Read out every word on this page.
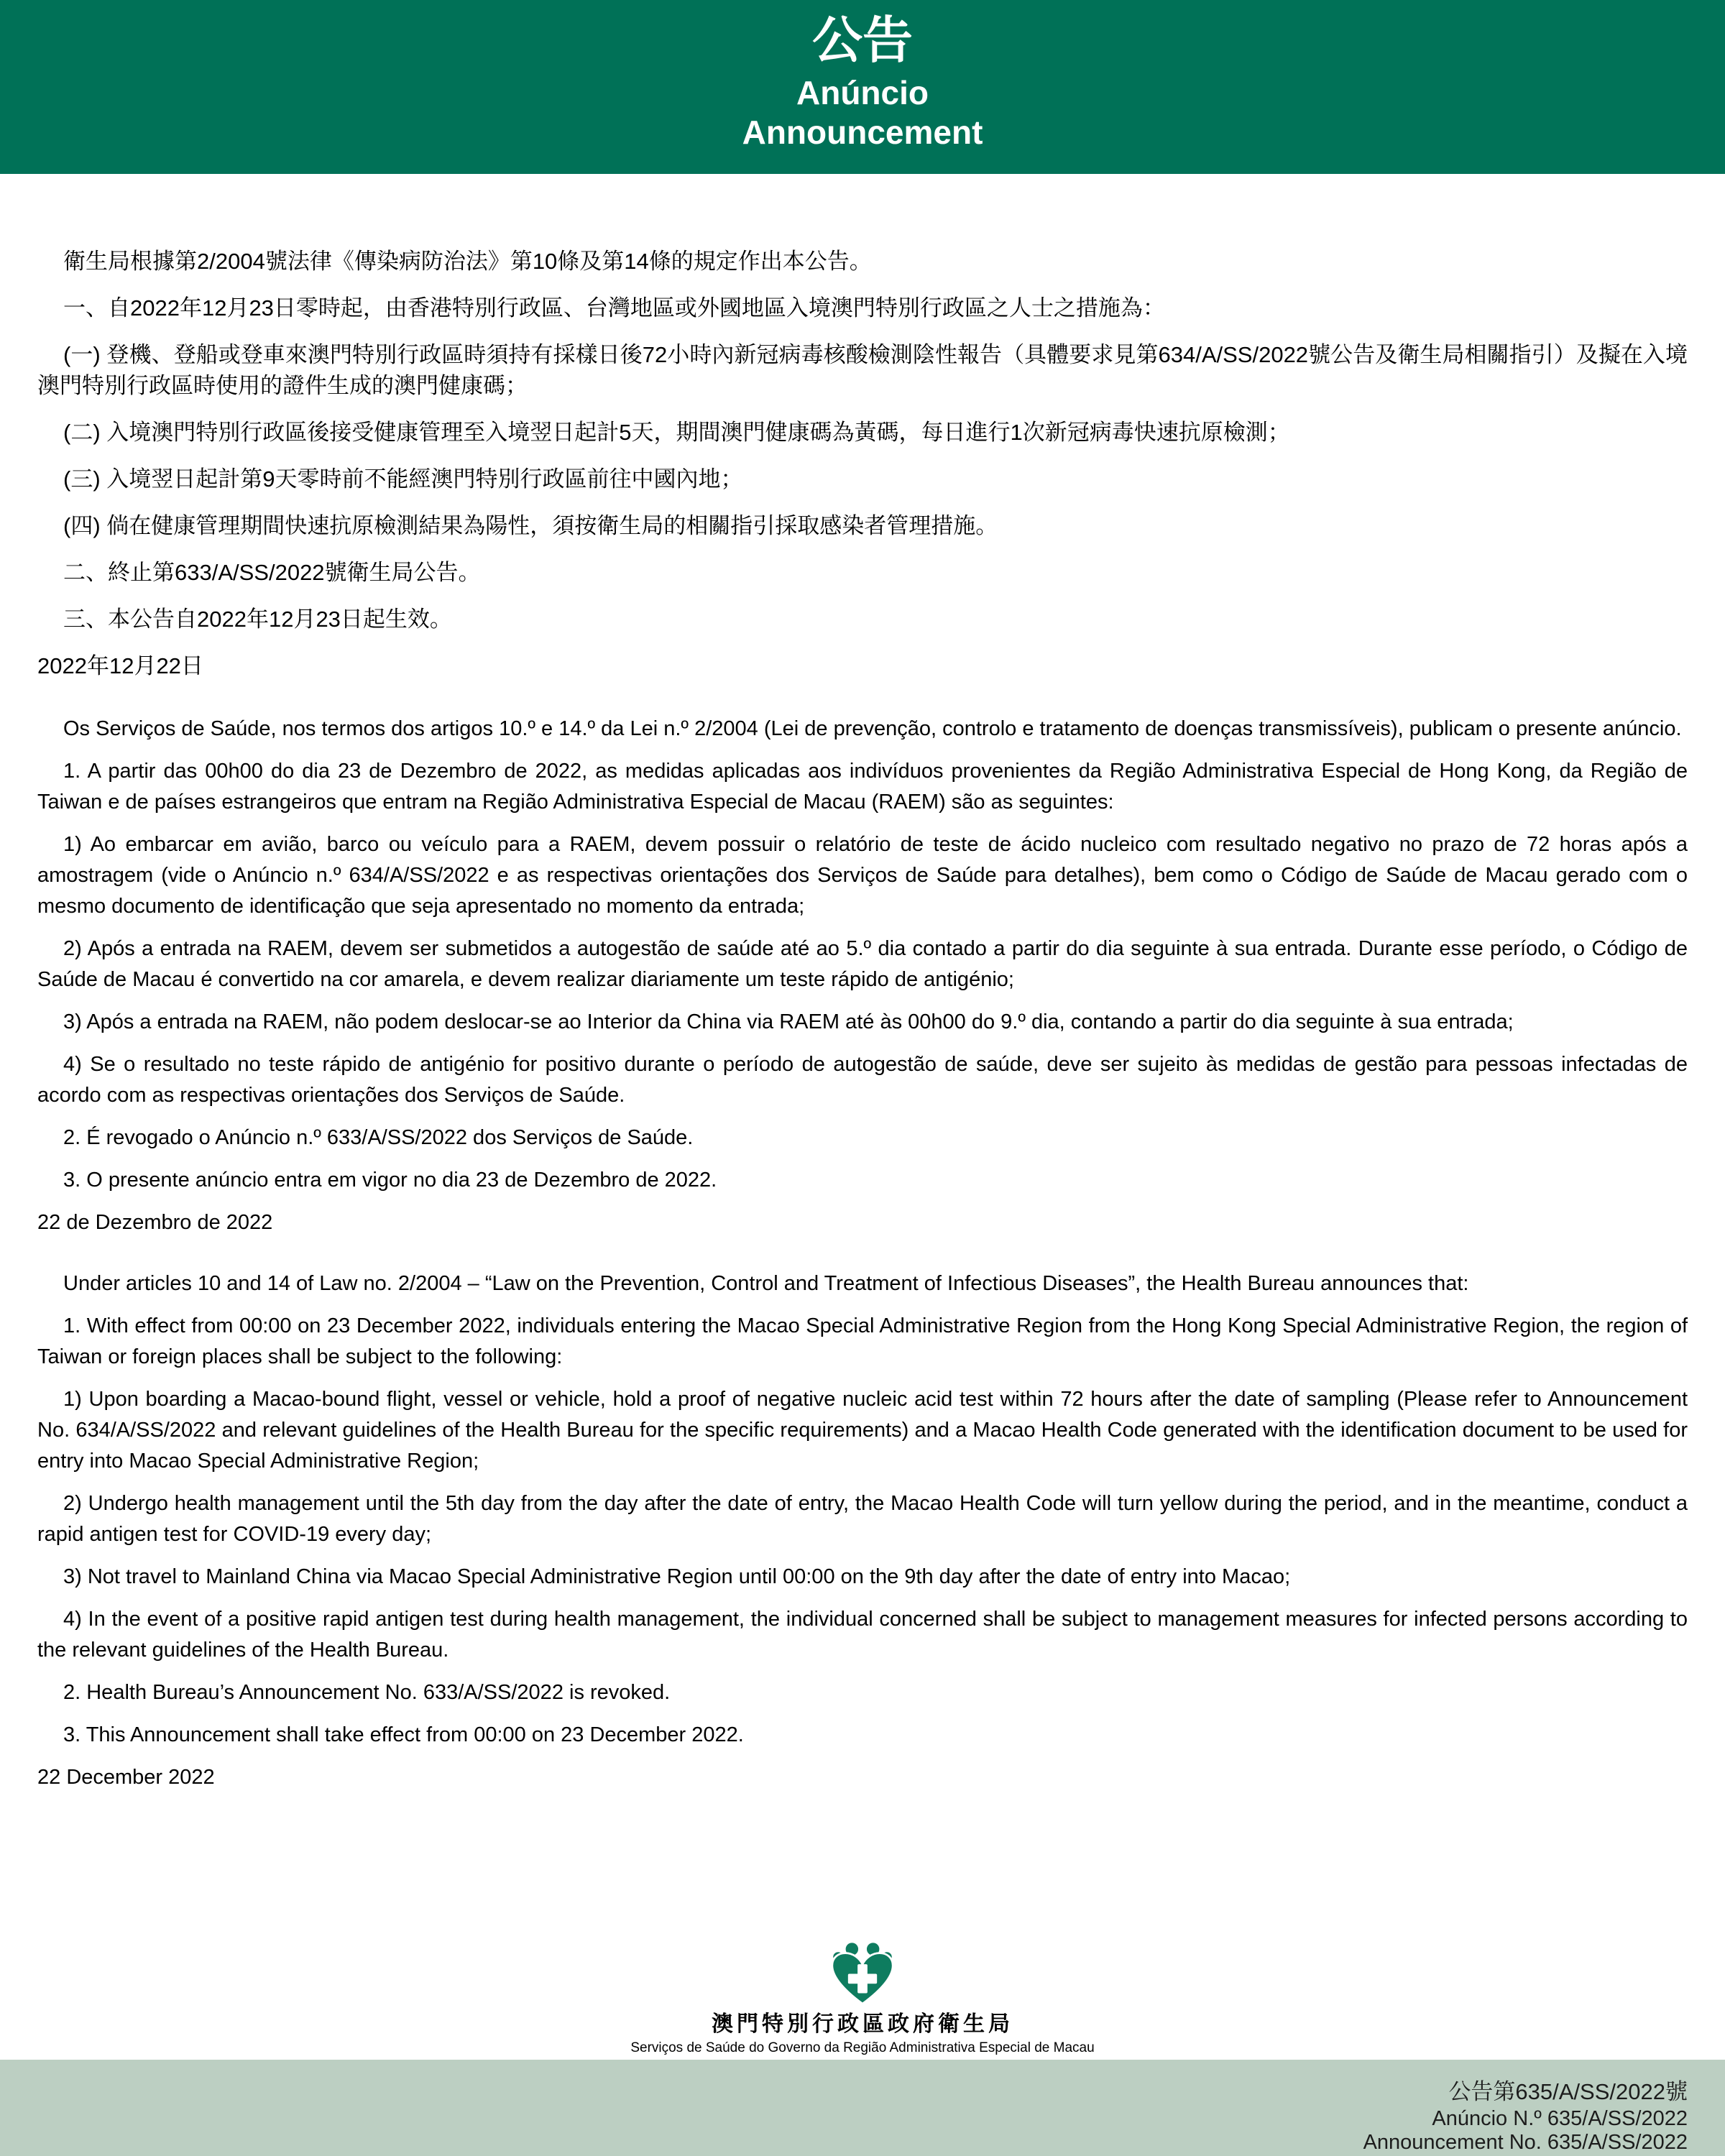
公告
Anúncio
Announcement

衛生局根據第2/2004號法律《傳染病防治法》第10條及第14條的規定作出本公告。

一、自2022年12月23日零時起，由香港特別行政區、台灣地區或外國地區入境澳門特別行政區之人士之措施為：

(一) 登機、登船或登車來澳門特別行政區時須持有採樣日後72小時內新冠病毒核酸檢測陰性報告（具體要求見第634/A/SS/2022號公告及衛生局相關指引）及擬在入境澳門特別行政區時使用的證件生成的澳門健康碼；

(二) 入境澳門特別行政區後接受健康管理至入境翌日起計5天，期間澳門健康碼為黃碼，每日進行1次新冠病毒快速抗原檢測；

(三) 入境翌日起計第9天零時前不能經澳門特別行政區前往中國內地；

(四) 倘在健康管理期間快速抗原檢測結果為陽性，須按衛生局的相關指引採取感染者管理措施。

二、終止第633/A/SS/2022號衛生局公告。

三、本公告自2022年12月23日起生效。

2022年12月22日

Os Serviços de Saúde, nos termos dos artigos 10.º e 14.º da Lei n.º 2/2004 (Lei de prevenção, controlo e tratamento de doenças transmissíveis), publicam o presente anúncio.

1. A partir das 00h00 do dia 23 de Dezembro de 2022, as medidas aplicadas aos indivíduos provenientes da Região Administrativa Especial de Hong Kong, da Região de Taiwan e de países estrangeiros que entram na Região Administrativa Especial de Macau (RAEM) são as seguintes:

1) Ao embarcar em avião, barco ou veículo para a RAEM, devem possuir o relatório de teste de ácido nucleico com resultado negativo no prazo de 72 horas após a amostragem (vide o Anúncio n.º 634/A/SS/2022 e as respectivas orientações dos Serviços de Saúde para detalhes), bem como o Código de Saúde de Macau gerado com o mesmo documento de identificação que seja apresentado no momento da entrada;

2) Após a entrada na RAEM, devem ser submetidos a autogestão de saúde até ao 5.º dia contado a partir do dia seguinte à sua entrada. Durante esse período, o Código de Saúde de Macau é convertido na cor amarela, e devem realizar diariamente um teste rápido de antigénio;

3) Após a entrada na RAEM, não podem deslocar-se ao Interior da China via RAEM até às 00h00 do 9.º dia, contando a partir do dia seguinte à sua entrada;

4) Se o resultado no teste rápido de antigénio for positivo durante o período de autogestão de saúde, deve ser sujeito às medidas de gestão para pessoas infectadas de acordo com as respectivas orientações dos Serviços de Saúde.

2. É revogado o Anúncio n.º 633/A/SS/2022 dos Serviços de Saúde.

3. O presente anúncio entra em vigor no dia 23 de Dezembro de 2022.

22 de Dezembro de 2022

Under articles 10 and 14 of Law no. 2/2004 – “Law on the Prevention, Control and Treatment of Infectious Diseases”, the Health Bureau announces that:

1. With effect from 00:00 on 23 December 2022, individuals entering the Macao Special Administrative Region from the Hong Kong Special Administrative Region, the region of Taiwan or foreign places shall be subject to the following:

1) Upon boarding a Macao-bound flight, vessel or vehicle, hold a proof of negative nucleic acid test within 72 hours after the date of sampling (Please refer to Announcement No. 634/A/SS/2022 and relevant guidelines of the Health Bureau for the specific requirements) and a Macao Health Code generated with the identification document to be used for entry into Macao Special Administrative Region;

2) Undergo health management until the 5th day from the day after the date of entry, the Macao Health Code will turn yellow during the period, and in the meantime, conduct a rapid antigen test for COVID-19 every day;

3) Not travel to Mainland China via Macao Special Administrative Region until 00:00 on the 9th day after the date of entry into Macao;

4) In the event of a positive rapid antigen test during health management, the individual concerned shall be subject to management measures for infected persons according to the relevant guidelines of the Health Bureau.

2. Health Bureau’s Announcement No. 633/A/SS/2022 is revoked.

3. This Announcement shall take effect from 00:00 on 23 December 2022.

22 December 2022

澳門特別行政區政府衛生局
Serviços de Saúde do Governo da Região Administrativa Especial de Macau
公告第635/A/SS/2022號
Anúncio N.º 635/A/SS/2022
Announcement No. 635/A/SS/2022
